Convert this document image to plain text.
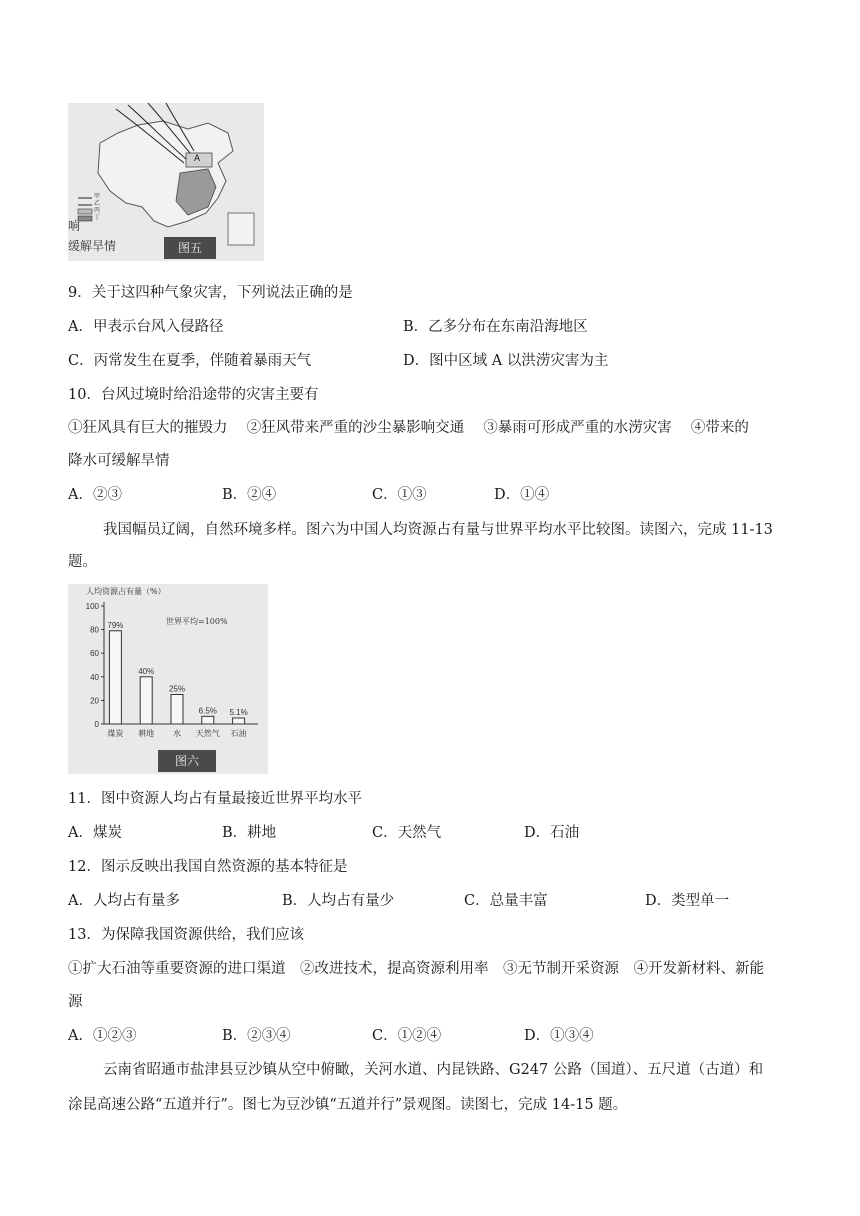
A
甲
乙
丙
丁
响
缓解旱情	图五
9．关于这四种气象灾害，下列说法正确的是
A．甲表示台风入侵路径	B．乙多分布在东南沿海地区
C．丙常发生在夏季，伴随着暴雨天气	D．图中区域 A 以洪涝灾害为主
10．台风过境时给沿途带的灾害主要有
①狂风具有巨大的摧毁力　 ②狂风带来严重的沙尘暴影响交通　 ③暴雨可形成严重的水涝灾害　 ④带来的
降水可缓解旱情
A．②③	B．②④	C．①③	D．①④
我国幅员辽阔，自然环境多样。图六为中国人均资源占有量与世界平均水平比较图。读图六，完成 11-13
题。
人均资源占有量（%）
世界平均=100%
0
20
40
60
80
100
79%
煤炭
40%
耕地
25%
水
6.5%
天然气
5.1%
石油
图六
11．图中资源人均占有量最接近世界平均水平
A．煤炭	B．耕地	C．天然气	D．石油
12．图示反映出我国自然资源的基本特征是
A．人均占有量多	B．人均占有量少	C．总量丰富	D．类型单一
13．为保障我国资源供给，我们应该
①扩大石油等重要资源的进口渠道　②改进技术，提高资源利用率　③无节制开采资源　④开发新材料、新能
源
A．①②③	B．②③④	C．①②④	D．①③④
云南省昭通市盐津县豆沙镇从空中俯瞰，关河水道、内昆铁路、G247 公路（国道）、五尺道（古道）和
涂昆高速公路“五道并行”。图七为豆沙镇“五道并行”景观图。读图七，完成 14-15 题。
